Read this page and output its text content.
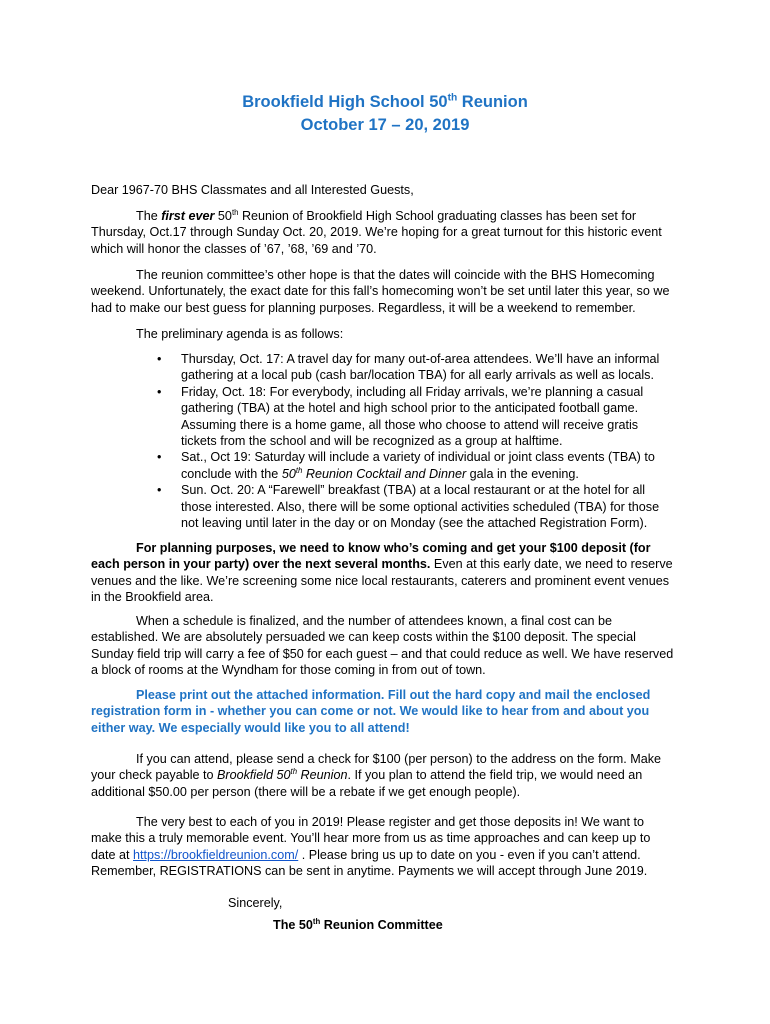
Brookfield High School 50th Reunion
October 17 – 20, 2019
Dear 1967-70 BHS Classmates and all Interested Guests,
The first ever 50th Reunion of Brookfield High School graduating classes has been set for Thursday, Oct.17 through Sunday Oct. 20, 2019. We’re hoping for a great turnout for this historic event which will honor the classes of ’67, ’68, ’69 and ’70.
The reunion committee’s other hope is that the dates will coincide with the BHS Homecoming weekend. Unfortunately, the exact date for this fall’s homecoming won’t be set until later this year, so we had to make our best guess for planning purposes. Regardless, it will be a weekend to remember.
The preliminary agenda is as follows:
• Thursday, Oct. 17: A travel day for many out-of-area attendees. We’ll have an informal gathering at a local pub (cash bar/location TBA) for all early arrivals as well as locals.
• Friday, Oct. 18: For everybody, including all Friday arrivals, we’re planning a casual gathering (TBA) at the hotel and high school prior to the anticipated football game. Assuming there is a home game, all those who choose to attend will receive gratis tickets from the school and will be recognized as a group at halftime.
• Sat., Oct 19: Saturday will include a variety of individual or joint class events (TBA) to conclude with the 50th Reunion Cocktail and Dinner gala in the evening.
• Sun. Oct. 20: A “Farewell” breakfast (TBA) at a local restaurant or at the hotel for all those interested. Also, there will be some optional activities scheduled (TBA) for those not leaving until later in the day or on Monday (see the attached Registration Form).
For planning purposes, we need to know who’s coming and get your $100 deposit (for each person in your party) over the next several months. Even at this early date, we need to reserve venues and the like. We’re screening some nice local restaurants, caterers and prominent event venues in the Brookfield area.
When a schedule is finalized, and the number of attendees known, a final cost can be established. We are absolutely persuaded we can keep costs within the $100 deposit. The special Sunday field trip will carry a fee of $50 for each guest – and that could reduce as well. We have reserved a block of rooms at the Wyndham for those coming in from out of town.
Please print out the attached information. Fill out the hard copy and mail the enclosed registration form in - whether you can come or not. We would like to hear from and about you either way. We especially would like you to all attend!
If you can attend, please send a check for $100 (per person) to the address on the form. Make your check payable to Brookfield 50th Reunion. If you plan to attend the field trip, we would need an additional $50.00 per person (there will be a rebate if we get enough people).
The very best to each of you in 2019! Please register and get those deposits in! We want to make this a truly memorable event. You’ll hear more from us as time approaches and can keep up to date at https://brookfieldreunion.com/ . Please bring us up to date on you - even if you can’t attend. Remember, REGISTRATIONS can be sent in anytime. Payments we will accept through June 2019.
Sincerely,
The 50th Reunion Committee
